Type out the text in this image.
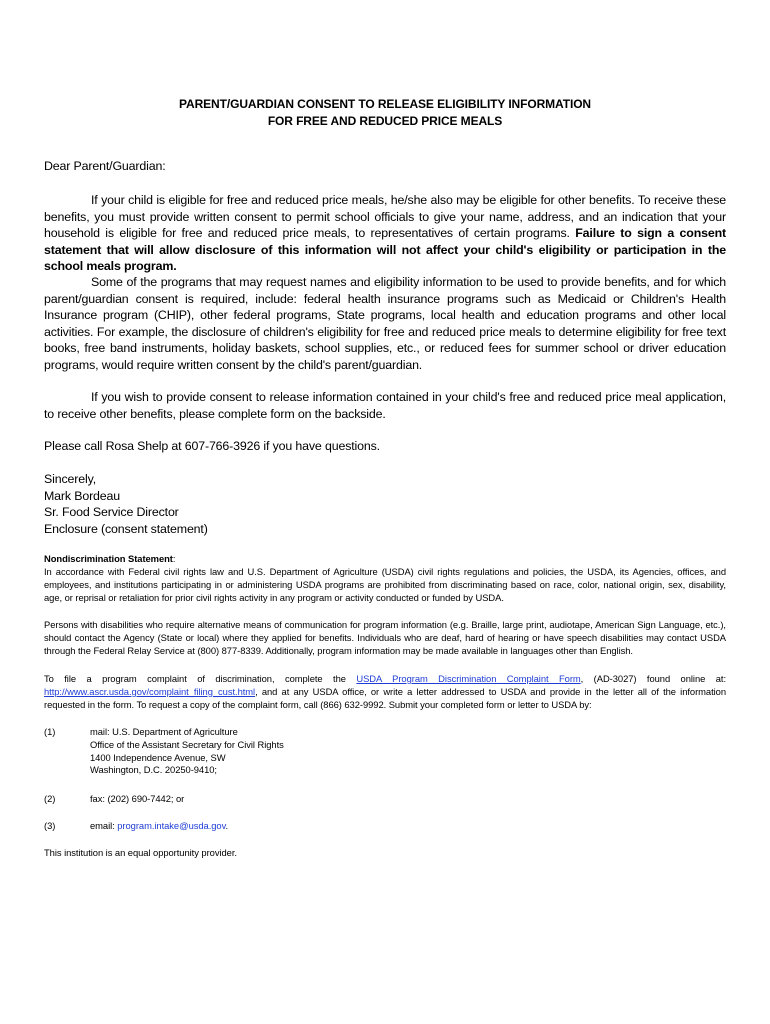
PARENT/GUARDIAN CONSENT TO RELEASE ELIGIBILITY INFORMATION
FOR FREE AND REDUCED PRICE MEALS

Dear Parent/Guardian:

If your child is eligible for free and reduced price meals, he/she also may be eligible for other benefits. To receive these benefits, you must provide written consent to permit school officials to give your name, address, and an indication that your household is eligible for free and reduced price meals, to representatives of certain programs. Failure to sign a consent statement that will allow disclosure of this information will not affect your child's eligibility or participation in the school meals program.

Some of the programs that may request names and eligibility information to be used to provide benefits, and for which parent/guardian consent is required, include: federal health insurance programs such as Medicaid or Children's Health Insurance program (CHIP), other federal programs, State programs, local health and education programs and other local activities. For example, the disclosure of children's eligibility for free and reduced price meals to determine eligibility for free text books, free band instruments, holiday baskets, school supplies, etc., or reduced fees for summer school or driver education programs, would require written consent by the child's parent/guardian.

If you wish to provide consent to release information contained in your child's free and reduced price meal application, to receive other benefits, please complete form on the backside.

Please call Rosa Shelp at 607-766-3926 if you have questions.

Sincerely,
Mark Bordeau
Sr. Food Service Director
Enclosure (consent statement)
Nondiscrimination Statement:

In accordance with Federal civil rights law and U.S. Department of Agriculture (USDA) civil rights regulations and policies, the USDA, its Agencies, offices, and employees, and institutions participating in or administering USDA programs are prohibited from discriminating based on race, color, national origin, sex, disability, age, or reprisal or retaliation for prior civil rights activity in any program or activity conducted or funded by USDA.

Persons with disabilities who require alternative means of communication for program information (e.g. Braille, large print, audiotape, American Sign Language, etc.), should contact the Agency (State or local) where they applied for benefits. Individuals who are deaf, hard of hearing or have speech disabilities may contact USDA through the Federal Relay Service at (800) 877-8339. Additionally, program information may be made available in languages other than English.

To file a program complaint of discrimination, complete the USDA Program Discrimination Complaint Form, (AD-3027) found online at: http://www.ascr.usda.gov/complaint_filing_cust.html, and at any USDA office, or write a letter addressed to USDA and provide in the letter all of the information requested in the form. To request a copy of the complaint form, call (866) 632-9992. Submit your completed form or letter to USDA by:

(1)	mail: U.S. Department of Agriculture
Office of the Assistant Secretary for Civil Rights
1400 Independence Avenue, SW
Washington, D.C. 20250-9410;
(2)	fax: (202) 690-7442; or
(3)	email: program.intake@usda.gov.

This institution is an equal opportunity provider.
